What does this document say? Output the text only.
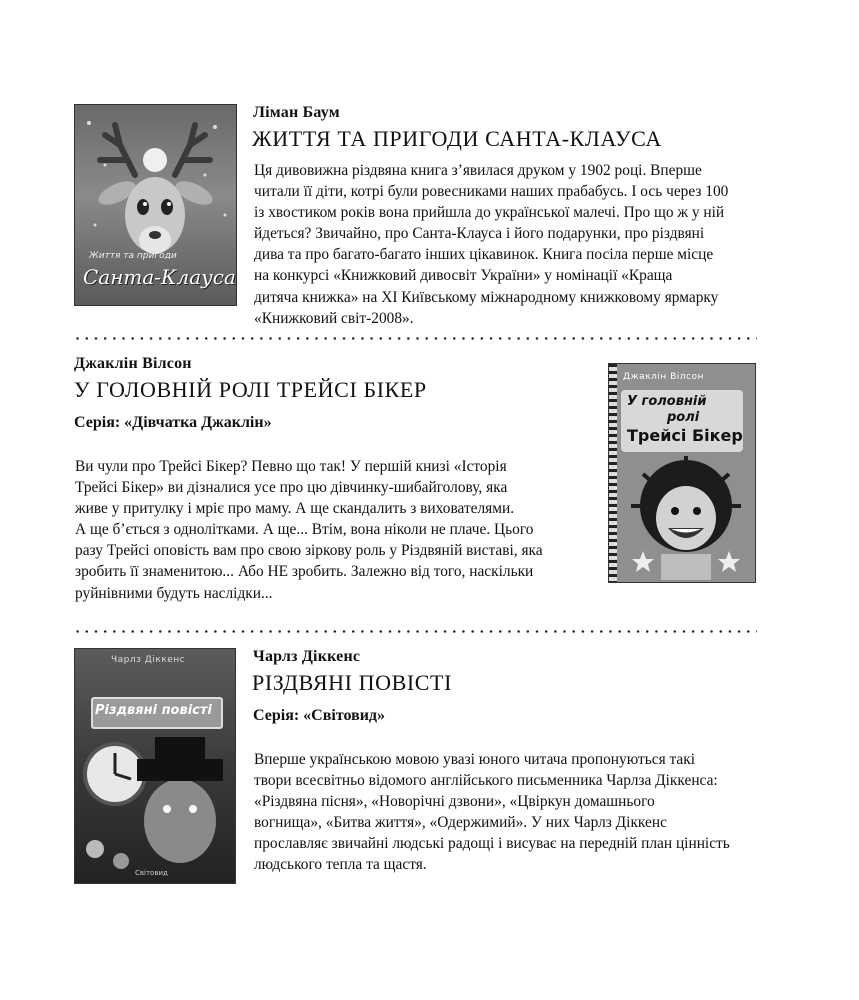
Життя та пригоди
Санта-Клауса
Ліман Баум
ЖИТТЯ ТА ПРИГОДИ САНТА-КЛАУСА

Ця дивовижна різдвяна книга з’явилася друком у 1902 році. Вперше
читали її діти, котрі були ровесниками наших прабабусь. І ось через 100
із хвостиком років вона прийшла до української малечі. Про що ж у ній
йдеться? Звичайно, про Санта-Клауса і його подарунки, про різдвяні
дива та про багато-багато інших цікавинок. Книга посіла перше місце
на конкурсі «Книжковий дивосвіт України» у номінації «Краща
дитяча книжка» на XI Київському міжнародному книжковому ярмарку
«Книжковий світ-2008».

Джаклін Вілсон
У ГОЛОВНІЙ РОЛІ ТРЕЙСІ БІКЕР
Серія: «Дівчатка Джаклін»

Ви чули про Трейсі Бікер? Певно що так! У першій книзі «Історія
Трейсі Бікер» ви дізналися усе про цю дівчинку-шибайголову, яка
живе у притулку і мріє про маму. А ще скандалить з вихователями.
А ще б’ється з однолітками. А ще... Втім, вона ніколи не плаче. Цього
разу Трейсі оповість вам про свою зіркову роль у Різдвяній виставі, яка
зробить її знаменитою... Або НЕ зробить. Залежно від того, наскільки
руйнівними будуть наслідки...

Джаклін Вілсон
У головній
ролі
Трейсі Бікер
Чарлз Діккенс
Різдвяні повісті
Світовид
Чарлз Діккенс
РІЗДВЯНІ ПОВІСТІ
Серія: «Світовид»

Вперше українською мовою увазі юного читача пропонуються такі
твори всесвітньо відомого англійського письменника Чарлза Діккенса:
«Різдвяна пісня», «Новорічні дзвони», «Цвіркун домашнього
вогнища», «Битва життя», «Одержимий». У них Чарлз Діккенс
прославляє звичайні людські радощі і висуває на передній план цінність
людського тепла та щастя.
